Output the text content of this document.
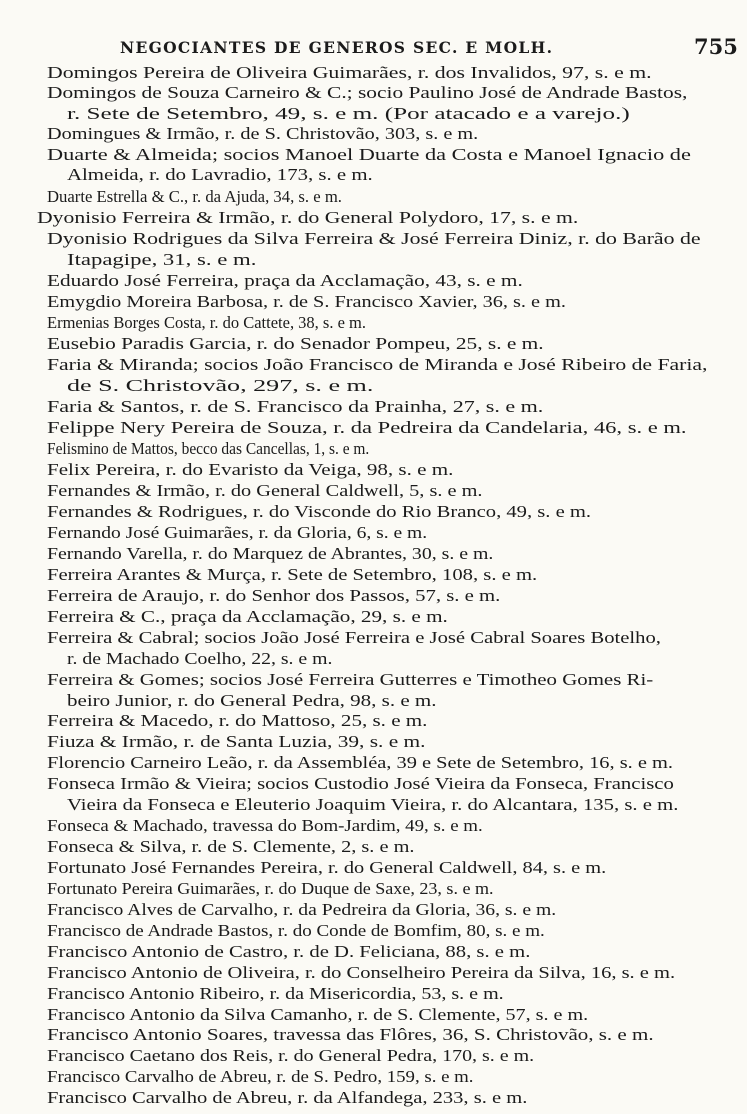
NEGOCIANTES DE GENEROS SEC. E MOLH.	755
Domingos Pereira de Oliveira Guimarães, r. dos Invalidos, 97, s. e m.
Domingos de Souza Carneiro & C.; socio Paulino José de Andrade Bastos,
r. Sete de Setembro, 49, s. e m. (Por atacado e a varejo.)
Domingues & Irmão, r. de S. Christovão, 303, s. e m.
Duarte & Almeida; socios Manoel Duarte da Costa e Manoel Ignacio de
Almeida, r. do Lavradio, 173, s. e m.
Duarte Estrella & C., r. da Ajuda, 34, s. e m.
Dyonisio Ferreira & Irmão, r. do General Polydoro, 17, s. e m.
Dyonisio Rodrigues da Silva Ferreira & José Ferreira Diniz, r. do Barão de
Itapagipe, 31, s. e m.
Eduardo José Ferreira, praça da Acclamação, 43, s. e m.
Emygdio Moreira Barbosa, r. de S. Francisco Xavier, 36, s. e m.
Ermenias Borges Costa, r. do Cattete, 38, s. e m.
Eusebio Paradis Garcia, r. do Senador Pompeu, 25, s. e m.
Faria & Miranda; socios João Francisco de Miranda e José Ribeiro de Faria,
de S. Christovão, 297, s. e m.
Faria & Santos, r. de S. Francisco da Prainha, 27, s. e m.
Felippe Nery Pereira de Souza, r. da Pedreira da Candelaria, 46, s. e m.
Felismino de Mattos, becco das Cancellas, 1, s. e m.
Felix Pereira, r. do Evaristo da Veiga, 98, s. e m.
Fernandes & Irmão, r. do General Caldwell, 5, s. e m.
Fernandes & Rodrigues, r. do Visconde do Rio Branco, 49, s. e m.
Fernando José Guimarães, r. da Gloria, 6, s. e m.
Fernando Varella, r. do Marquez de Abrantes, 30, s. e m.
Ferreira Arantes & Murça, r. Sete de Setembro, 108, s. e m.
Ferreira de Araujo, r. do Senhor dos Passos, 57, s. e m.
Ferreira & C., praça da Acclamação, 29, s. e m.
Ferreira & Cabral; socios João José Ferreira e José Cabral Soares Botelho,
r. de Machado Coelho, 22, s. e m.
Ferreira & Gomes; socios José Ferreira Gutterres e Timotheo Gomes Ri-
beiro Junior, r. do General Pedra, 98, s. e m.
Ferreira & Macedo, r. do Mattoso, 25, s. e m.
Fiuza & Irmão, r. de Santa Luzia, 39, s. e m.
Florencio Carneiro Leão, r. da Assembléa, 39 e Sete de Setembro, 16, s. e m.
Fonseca Irmão & Vieira; socios Custodio José Vieira da Fonseca, Francisco
Vieira da Fonseca e Eleuterio Joaquim Vieira, r. do Alcantara, 135, s. e m.
Fonseca & Machado, travessa do Bom-Jardim, 49, s. e m.
Fonseca & Silva, r. de S. Clemente, 2, s. e m.
Fortunato José Fernandes Pereira, r. do General Caldwell, 84, s. e m.
Fortunato Pereira Guimarães, r. do Duque de Saxe, 23, s. e m.
Francisco Alves de Carvalho, r. da Pedreira da Gloria, 36, s. e m.
Francisco de Andrade Bastos, r. do Conde de Bomfim, 80, s. e m.
Francisco Antonio de Castro, r. de D. Feliciana, 88, s. e m.
Francisco Antonio de Oliveira, r. do Conselheiro Pereira da Silva, 16, s. e m.
Francisco Antonio Ribeiro, r. da Misericordia, 53, s. e m.
Francisco Antonio da Silva Camanho, r. de S. Clemente, 57, s. e m.
Francisco Antonio Soares, travessa das Flôres, 36, S. Christovão, s. e m.
Francisco Caetano dos Reis, r. do General Pedra, 170, s. e m.
Francisco Carvalho de Abreu, r. de S. Pedro, 159, s. e m.
Francisco Carvalho de Abreu, r. da Alfandega, 233, s. e m.
